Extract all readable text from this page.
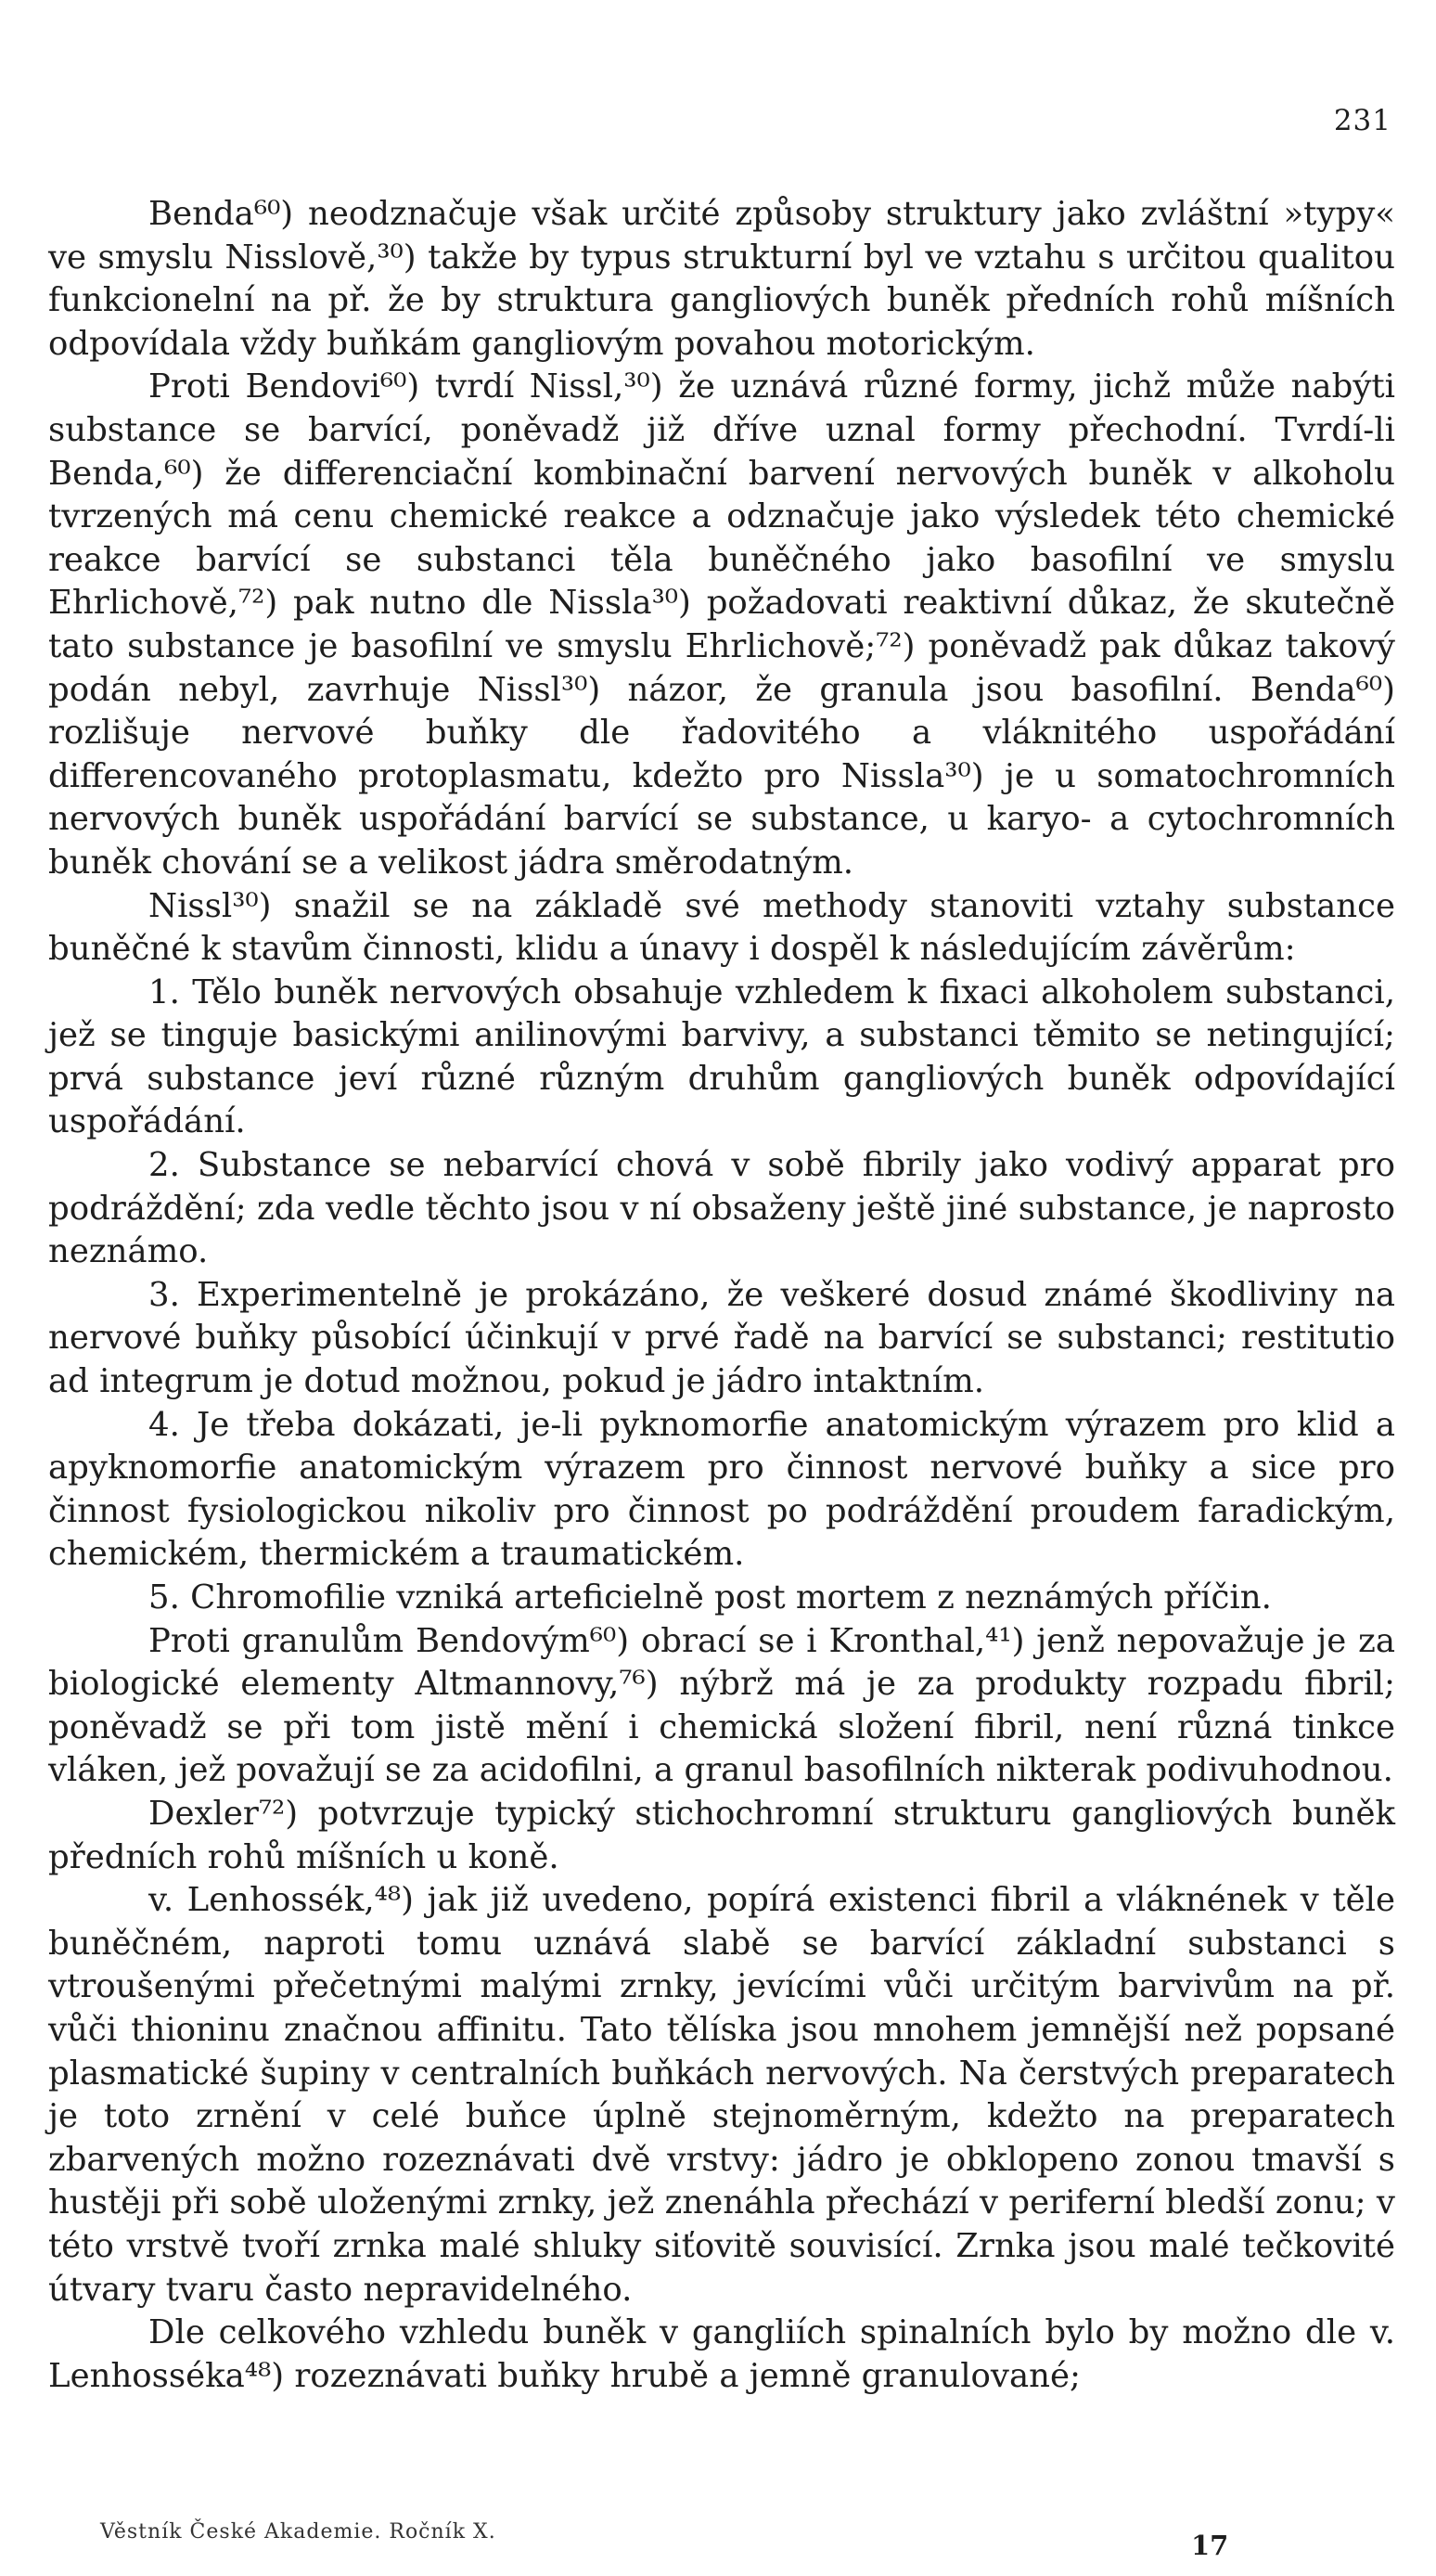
231

Benda⁶⁰) neodznačuje však určité způsoby struktury jako zvláštní »typy« ve smyslu Nisslově,³⁰) takže by typus strukturní byl ve vztahu s určitou qualitou funkcionelní na př. že by struktura gangliových buněk předních rohů míšních odpovídala vždy buňkám gangliovým povahou motorickým.

Proti Bendovi⁶⁰) tvrdí Nissl,³⁰) že uznává různé formy, jichž může nabýti substance se barvící, poněvadž již dříve uznal formy přechodní. Tvrdí-li Benda,⁶⁰) že differenciační kombinační barvení nervových buněk v alkoholu tvrzených má cenu chemické reakce a odznačuje jako výsledek této chemické reakce barvící se substanci těla buněčného jako basofilní ve smyslu Ehrlichově,⁷²) pak nutno dle Nissla³⁰) požadovati reaktivní důkaz, že skutečně tato substance je basofilní ve smyslu Ehrlichově;⁷²) poněvadž pak důkaz takový podán nebyl, zavrhuje Nissl³⁰) názor, že granula jsou basofilní. Benda⁶⁰) rozlišuje nervové buňky dle řadovitého a vláknitého uspořádání differencovaného protoplasmatu, kdežto pro Nissla³⁰) je u somatochromních nervových buněk uspořádání barvící se substance, u karyo- a cytochromních buněk chování se a velikost jádra směrodatným.

Nissl³⁰) snažil se na základě své methody stanoviti vztahy substance buněčné k stavům činnosti, klidu a únavy i dospěl k následujícím závěrům:

1. Tělo buněk nervových obsahuje vzhledem k fixaci alkoholem substanci, jež se tinguje basickými anilinovými barvivy, a substanci těmito se netingující; prvá substance jeví různé různým druhům gangliových buněk odpovídající uspořádání.

2. Substance se nebarvící chová v sobě fibrily jako vodivý apparat pro podráždění; zda vedle těchto jsou v ní obsaženy ještě jiné substance, je naprosto neznámo.

3. Experimentelně je prokázáno, že veškeré dosud známé škodliviny na nervové buňky působící účinkují v prvé řadě na barvící se substanci; restitutio ad integrum je dotud možnou, pokud je jádro intaktním.

4. Je třeba dokázati, je-li pyknomorfie anatomickým výrazem pro klid a apyknomorfie anatomickým výrazem pro činnost nervové buňky a sice pro činnost fysiologickou nikoliv pro činnost po podráždění proudem faradickým, chemickém, thermickém a traumatickém.

5. Chromofilie vzniká arteficielně post mortem z neznámých příčin.

Proti granulům Bendovým⁶⁰) obrací se i Kronthal,⁴¹) jenž nepovažuje je za biologické elementy Altmannovy,⁷⁶) nýbrž má je za produkty rozpadu fibril; poněvadž se při tom jistě mění i chemická složení fibril, není různá tinkce vláken, jež považují se za acidofilni, a granul basofilních nikterak podivuhodnou.

Dexler⁷²) potvrzuje typický stichochromní strukturu gangliových buněk předních rohů míšních u koně.

v. Lenhossék,⁴⁸) jak již uvedeno, popírá existenci fibril a vláknének v těle buněčném, naproti tomu uznává slabě se barvící základní substanci s vtroušenými přečetnými malými zrnky, jevícími vůči určitým barvivům na př. vůči thioninu značnou affinitu. Tato tělíska jsou mnohem jemnější než popsané plasmatické šupiny v centralních buňkách nervových. Na čerstvých preparatech je toto zrnění v celé buňce úplně stejnoměrným, kdežto na preparatech zbarvených možno rozeznávati dvě vrstvy: jádro je obklopeno zonou tmavší s hustěji při sobě uloženými zrnky, jež znenáhla přechází v periferní bledší zonu; v této vrstvě tvoří zrnka malé shluky siťovitě souvisící. Zrnka jsou malé tečkovité útvary tvaru často nepravidelného.

Dle celkového vzhledu buněk v gangliích spinalních bylo by možno dle v. Lenhosséka⁴⁸) rozeznávati buňky hrubě a jemně granulované;

Věstník České Akademie. Ročník X.	17
